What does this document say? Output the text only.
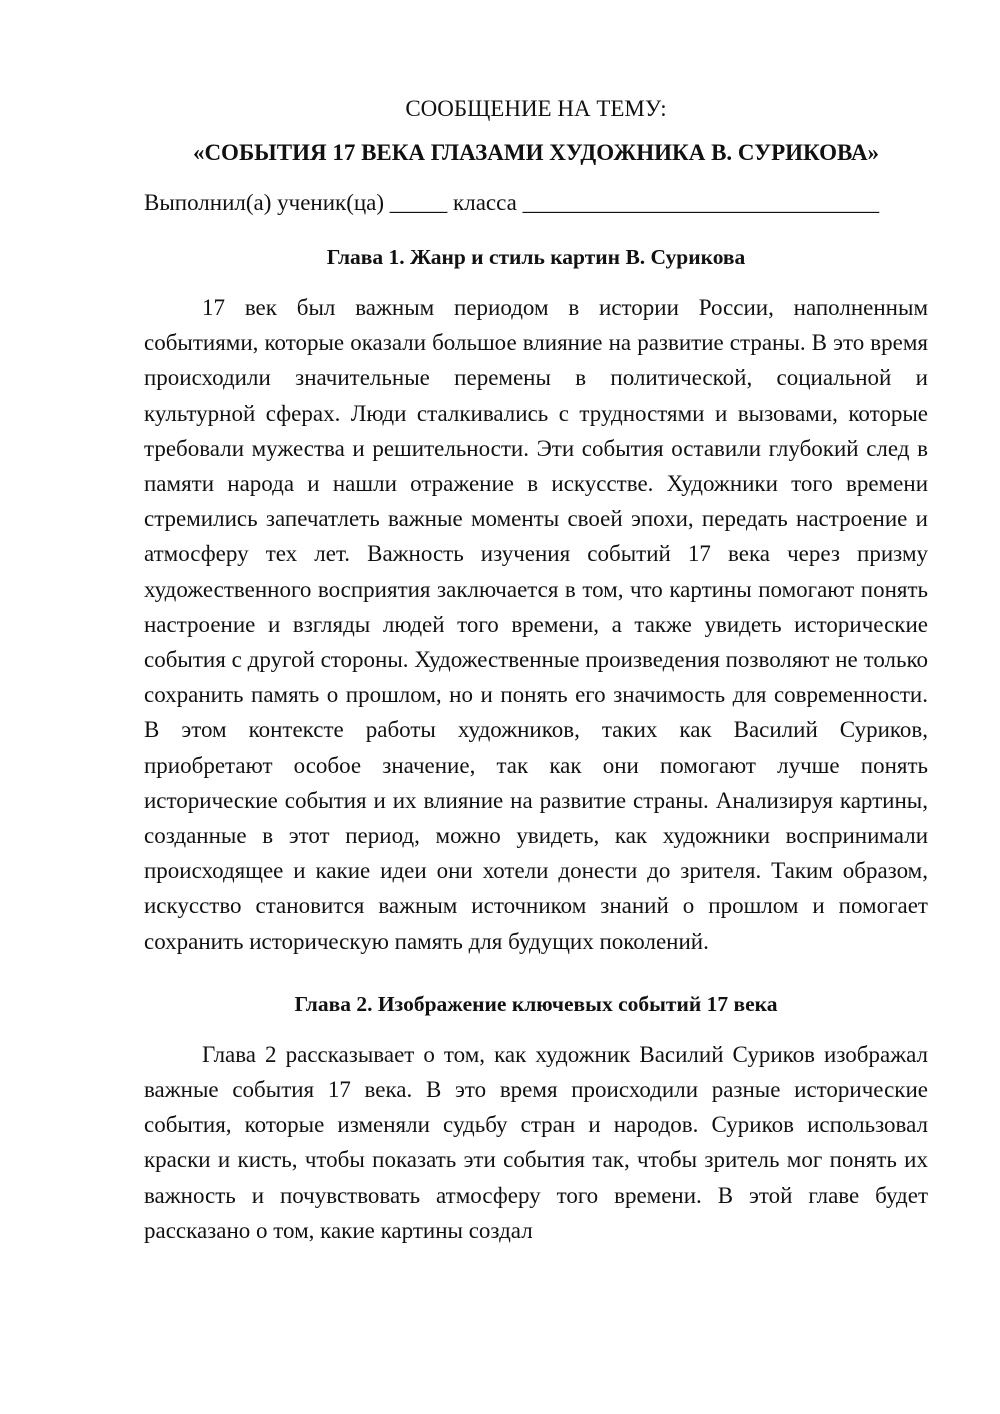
СООБЩЕНИЕ НА ТЕМУ:

«СОБЫТИЯ 17 ВЕКА ГЛАЗАМИ ХУДОЖНИКА В. СУРИКОВА»

Выполнил(а) ученик(ца) _____ класса _______________________________

Глава 1. Жанр и стиль картин В. Сурикова

17 век был важным периодом в истории России, наполненным событиями, которые оказали большое влияние на развитие страны. В это время происходили значительные перемены в политической, социальной и культурной сферах. Люди сталкивались с трудностями и вызовами, которые требовали мужества и решительности. Эти события оставили глубокий след в памяти народа и нашли отражение в искусстве. Художники того времени стремились запечатлеть важные моменты своей эпохи, передать настроение и атмосферу тех лет. Важность изучения событий 17 века через призму художественного восприятия заключается в том, что картины помогают понять настроение и взгляды людей того времени, а также увидеть исторические события с другой стороны. Художественные произведения позволяют не только сохранить память о прошлом, но и понять его значимость для современности. В этом контексте работы художников, таких как Василий Суриков, приобретают особое значение, так как они помогают лучше понять исторические события и их влияние на развитие страны. Анализируя картины, созданные в этот период, можно увидеть, как художники воспринимали происходящее и какие идеи они хотели донести до зрителя. Таким образом, искусство становится важным источником знаний о прошлом и помогает сохранить историческую память для будущих поколений.

Глава 2. Изображение ключевых событий 17 века

Глава 2 рассказывает о том, как художник Василий Суриков изображал важные события 17 века. В это время происходили разные исторические события, которые изменяли судьбу стран и народов. Суриков использовал краски и кисть, чтобы показать эти события так, чтобы зритель мог понять их важность и почувствовать атмосферу того времени. В этой главе будет рассказано о том, какие картины создал
